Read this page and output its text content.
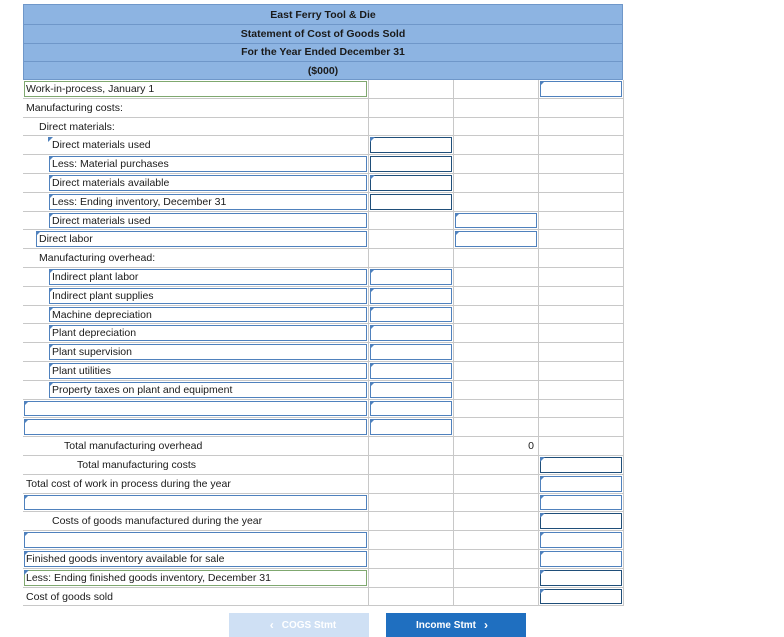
East Ferry Tool & Die
Statement of Cost of Goods Sold
For the Year Ended December 31
($000)
Work-in-process, January 1
Manufacturing costs:
Direct materials:
Direct materials used
Less: Material purchases
Direct materials available
Less: Ending inventory, December 31
Direct materials used
Direct labor
Manufacturing overhead:
Indirect plant labor
Indirect plant supplies
Machine depreciation
Plant depreciation
Plant supervision
Plant utilities
Property taxes on plant and equipment
Total manufacturing overhead	0
Total manufacturing costs
Total cost of work in process during the year
Costs of goods manufactured during the year
Finished goods inventory available for sale
Less: Ending finished goods inventory, December 31
Cost of goods sold
‹ COGS Stmt	Income Stmt ›
